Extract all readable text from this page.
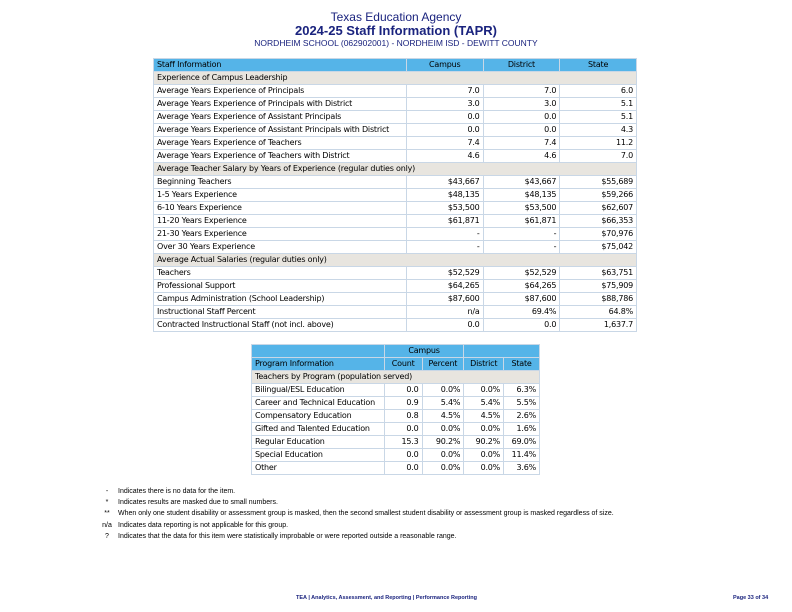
Texas Education Agency
2024-25 Staff Information (TAPR)
NORDHEIM SCHOOL (062902001) - NORDHEIM ISD - DEWITT COUNTY
Staff Information	Campus	District	State
Experience of Campus Leadership			
Average Years Experience of Principals	7.0	7.0	6.0
Average Years Experience of Principals with District	3.0	3.0	5.1
Average Years Experience of Assistant Principals	0.0	0.0	5.1
Average Years Experience of Assistant Principals with District	0.0	0.0	4.3
Average Years Experience of Teachers	7.4	7.4	11.2
Average Years Experience of Teachers with District	4.6	4.6	7.0
Average Teacher Salary by Years of Experience (regular duties only)			
Beginning Teachers	$43,667	$43,667	$55,689
1-5 Years Experience	$48,135	$48,135	$59,266
6-10 Years Experience	$53,500	$53,500	$62,607
11-20 Years Experience	$61,871	$61,871	$66,353
21-30 Years Experience	-	-	$70,976
Over 30 Years Experience	-	-	$75,042
Average Actual Salaries (regular duties only)			
Teachers	$52,529	$52,529	$63,751
Professional Support	$64,265	$64,265	$75,909
Campus Administration (School Leadership)	$87,600	$87,600	$88,786
Instructional Staff Percent	n/a	69.4%	64.8%
Contracted Instructional Staff (not incl. above)	0.0	0.0	1,637.7
	Campus			
Program Information	Count	Percent	District	State
Teachers by Program (population served)				
Bilingual/ESL Education	0.0	0.0%	0.0%	6.3%
Career and Technical Education	0.9	5.4%	5.4%	5.5%
Compensatory Education	0.8	4.5%	4.5%	2.6%
Gifted and Talented Education	0.0	0.0%	0.0%	1.6%
Regular Education	15.3	90.2%	90.2%	69.0%
Special Education	0.0	0.0%	0.0%	11.4%
Other	0.0	0.0%	0.0%	3.6%
- Indicates there is no data for the item.
* Indicates results are masked due to small numbers.
** When only one student disability or assessment group is masked, then the second smallest student disability or assessment group is masked regardless of size.
n/a Indicates data reporting is not applicable for this group.
? Indicates that the data for this item were statistically improbable or were reported outside a reasonable range.
TEA | Analytics, Assessment, and Reporting | Performance Reporting	Page 33 of 34
